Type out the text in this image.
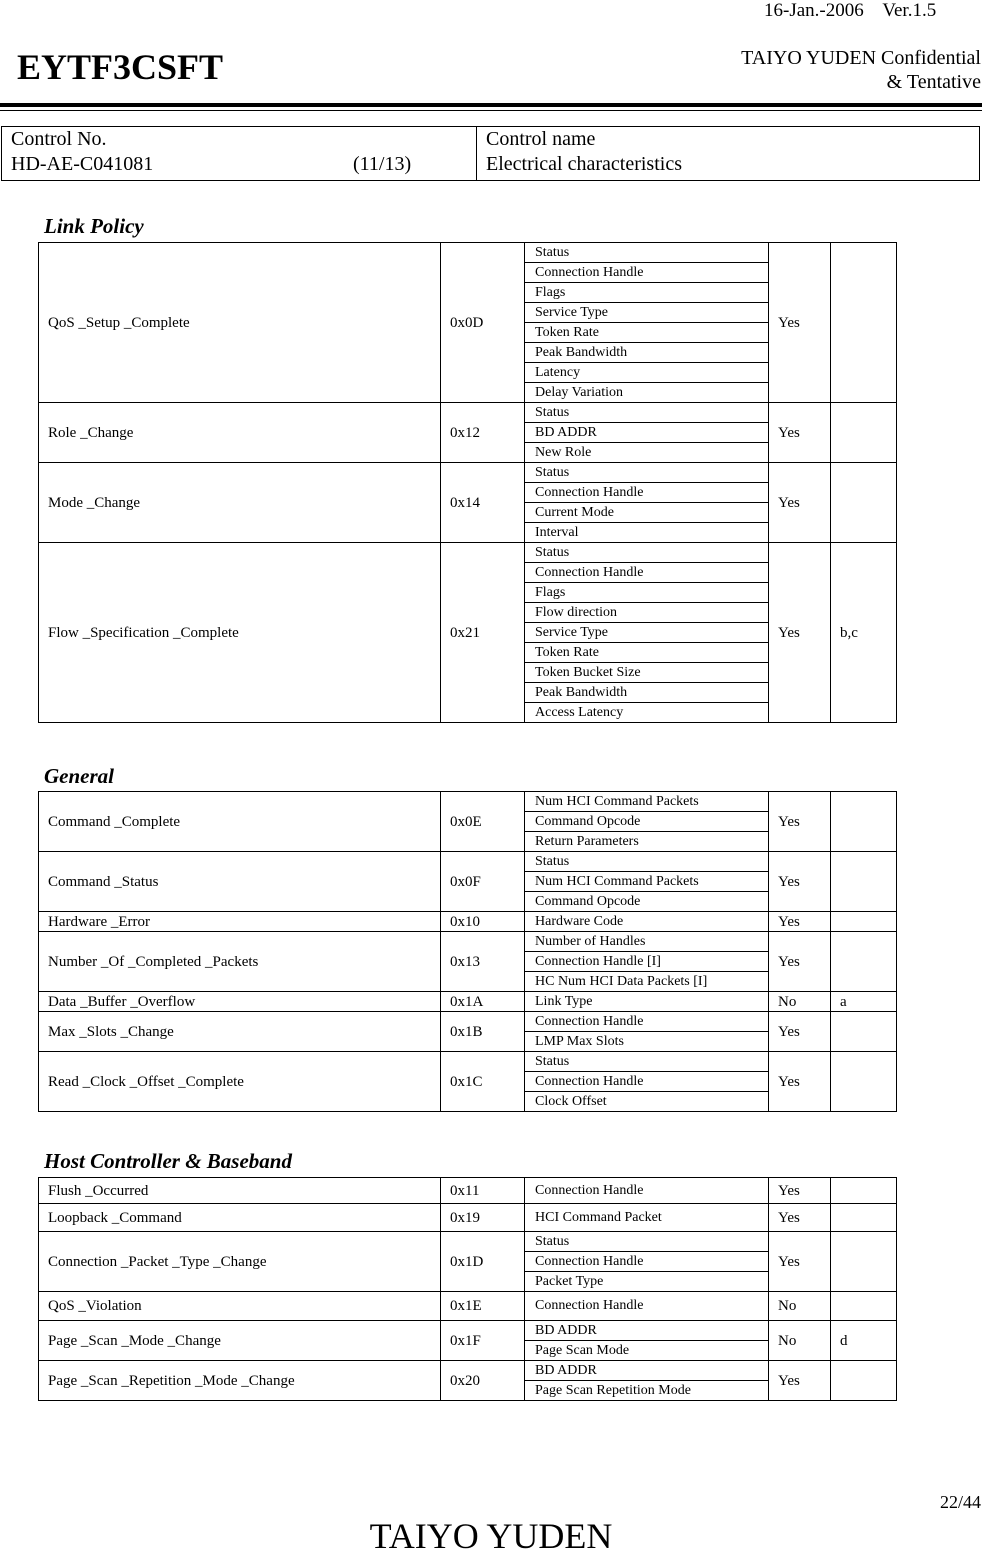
16-Jan.-2006    Ver.1.5
EYTF3CSFT	TAIYO YUDEN Confidential
& Tentative
Control No.
HD-AE-C041081	(11/13)
Control name
Electrical characteristics
Link Policy
QoS _Setup _Complete	0x0D	Status	Yes	
		Connection Handle		
		Flags		
		Service Type		
		Token Rate		
		Peak Bandwidth		
		Latency		
		Delay Variation		
Role _Change	0x12	Status	Yes	
		BD ADDR		
		New Role		
Mode _Change	0x14	Status	Yes	
		Connection Handle		
		Current Mode		
		Interval		
Flow _Specification _Complete	0x21	Status	Yes	b,c
		Connection Handle		
		Flags		
		Flow direction		
		Service Type		
		Token Rate		
		Token Bucket Size		
		Peak Bandwidth		
		Access Latency		
General
Command _Complete	0x0E	Num HCI Command Packets	Yes	
		Command Opcode		
		Return Parameters		
Command _Status	0x0F	Status	Yes	
		Num HCI Command Packets		
		Command Opcode		
Hardware _Error	0x10	Hardware Code	Yes	
Number _Of _Completed _Packets	0x13	Number of Handles	Yes	
		Connection Handle [I]		
		HC Num HCI Data Packets [I]		
Data _Buffer _Overflow	0x1A	Link Type	No	a
Max _Slots _Change	0x1B	Connection Handle	Yes	
		LMP Max Slots		
Read _Clock _Offset _Complete	0x1C	Status	Yes	
		Connection Handle		
		Clock Offset		
Host Controller & Baseband
Flush _Occurred	0x11	Connection Handle	Yes	
Loopback _Command	0x19	HCI Command Packet	Yes	
Connection _Packet _Type _Change	0x1D	Status	Yes	
		Connection Handle		
		Packet Type		
QoS _Violation	0x1E	Connection Handle	No	
Page _Scan _Mode _Change	0x1F	BD ADDR	No	d
		Page Scan Mode		
Page _Scan _Repetition _Mode _Change	0x20	BD ADDR	Yes	
		Page Scan Repetition Mode		
22/44
TAIYO YUDEN
